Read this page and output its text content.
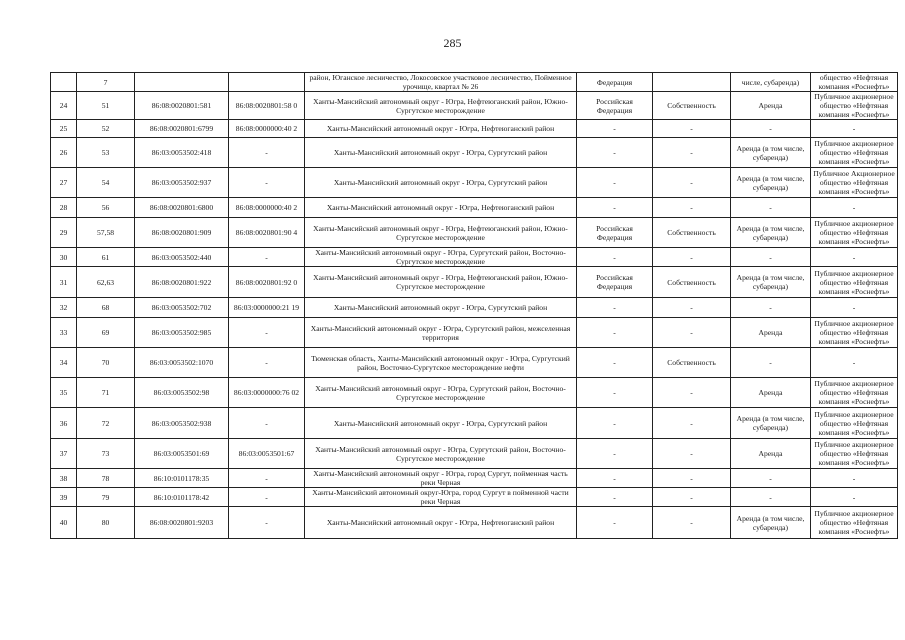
285

	7			район, Юганское лесничество, Локосовское участковое лесничество, Пойменное урочище, квартал № 26	Федерация		числе, субаренда)	общество «Нефтяная компания «Роснефть»

24	51	86:08:0020801:581	86:08:0020801:58 0	Ханты-Мансийский автономный округ - Югра, Нефтеюганский район, Южно-Сургутское месторождение	Российская Федерация	Собственность	Аренда	Публичное акционерное общество «Нефтяная компания «Роснефть»

25	52	86:08:0020801:6799	86:08:0000000:40 2	Ханты-Мансийский автономный округ - Югра, Нефтеюганский район	-	-	-	-

26	53	86:03:0053502:418	-	Ханты-Мансийский автономный округ - Югра, Сургутский район	-	-	Аренда (в том числе, субаренда)	Публичное акционерное общество «Нефтяная компания «Роснефть»

27	54	86:03:0053502:937	-	Ханты-Мансийский автономный округ - Югра, Сургутский район	-	-	Аренда (в том числе, субаренда)	Публичное Акционерное общество «Нефтяная компания «Роснефть»

28	56	86:08:0020801:6800	86:08:0000000:40 2	Ханты-Мансийский автономный округ - Югра, Нефтеюганский район	-	-	-	-

29	57,58	86:08:0020801:909	86:08:0020801:90 4	Ханты-Мансийский автономный округ - Югра, Нефтеюганский район, Южно-Сургутское месторождение	Российская Федерация	Собственность	Аренда (в том числе, субаренда)	Публичное акционерное общество «Нефтяная компания «Роснефть»

30	61	86:03:0053502:440	-	Ханты-Мансийский автономный округ - Югра, Сургутский район, Восточно-Сургутское месторождение	-	-	-	-

31	62,63	86:08:0020801:922	86:08:0020801:92 0	Ханты-Мансийский автономный округ - Югра, Нефтеюганский район, Южно-Сургутское месторождение	Российская Федерация	Собственность	Аренда (в том числе, субаренда)	Публичное акционерное общество «Нефтяная компания «Роснефть»

32	68	86:03:0053502:702	86:03:0000000:21 19	Ханты-Мансийский автономный округ - Югра, Сургутский район	-	-	-	-

33	69	86:03:0053502:985	-	Ханты-Мансийский автономный округ - Югра, Сургутский район, межселенная территория	-	-	Аренда	Публичное акционерное общество «Нефтяная компания «Роснефть»

34	70	86:03:0053502:1070	-	Тюменская область, Ханты-Мансийский автономный округ - Югра, Сургутский район, Восточно-Сургутское месторождение нефти	-	Собственность	-	-

35	71	86:03:0053502:98	86:03:0000000:76 02	Ханты-Мансийский автономный округ - Югра, Сургутский район, Восточно-Сургутское месторождение	-	-	Аренда	Публичное акционерное общество «Нефтяная компания «Роснефть»

36	72	86:03:0053502:938	-	Ханты-Мансийский автономный округ - Югра, Сургутский район	-	-	Аренда (в том числе, субаренда)	Публичное акционерное общество «Нефтяная компания «Роснефть»

37	73	86:03:0053501:69	86:03:0053501:67	Ханты-Мансийский автономный округ - Югра, Сургутский район, Восточно-Сургутское месторождение	-	-	Аренда	Публичное акционерное общество «Нефтяная компания «Роснефть»

38	78	86:10:0101178:35	-	Ханты-Мансийский автономный округ - Югра, город Сургут, пойменная часть реки Черная	-	-	-	-

39	79	86:10:0101178:42	-	Ханты-Мансийский автономный округ-Югра, город Сургут в пойменной части реки Черная	-	-	-	-

40	80	86:08:0020801:9203	-	Ханты-Мансийский автономный округ - Югра, Нефтеюганский район	-	-	Аренда (в том числе, субаренда)	Публичное акционерное общество «Нефтяная компания «Роснефть»
